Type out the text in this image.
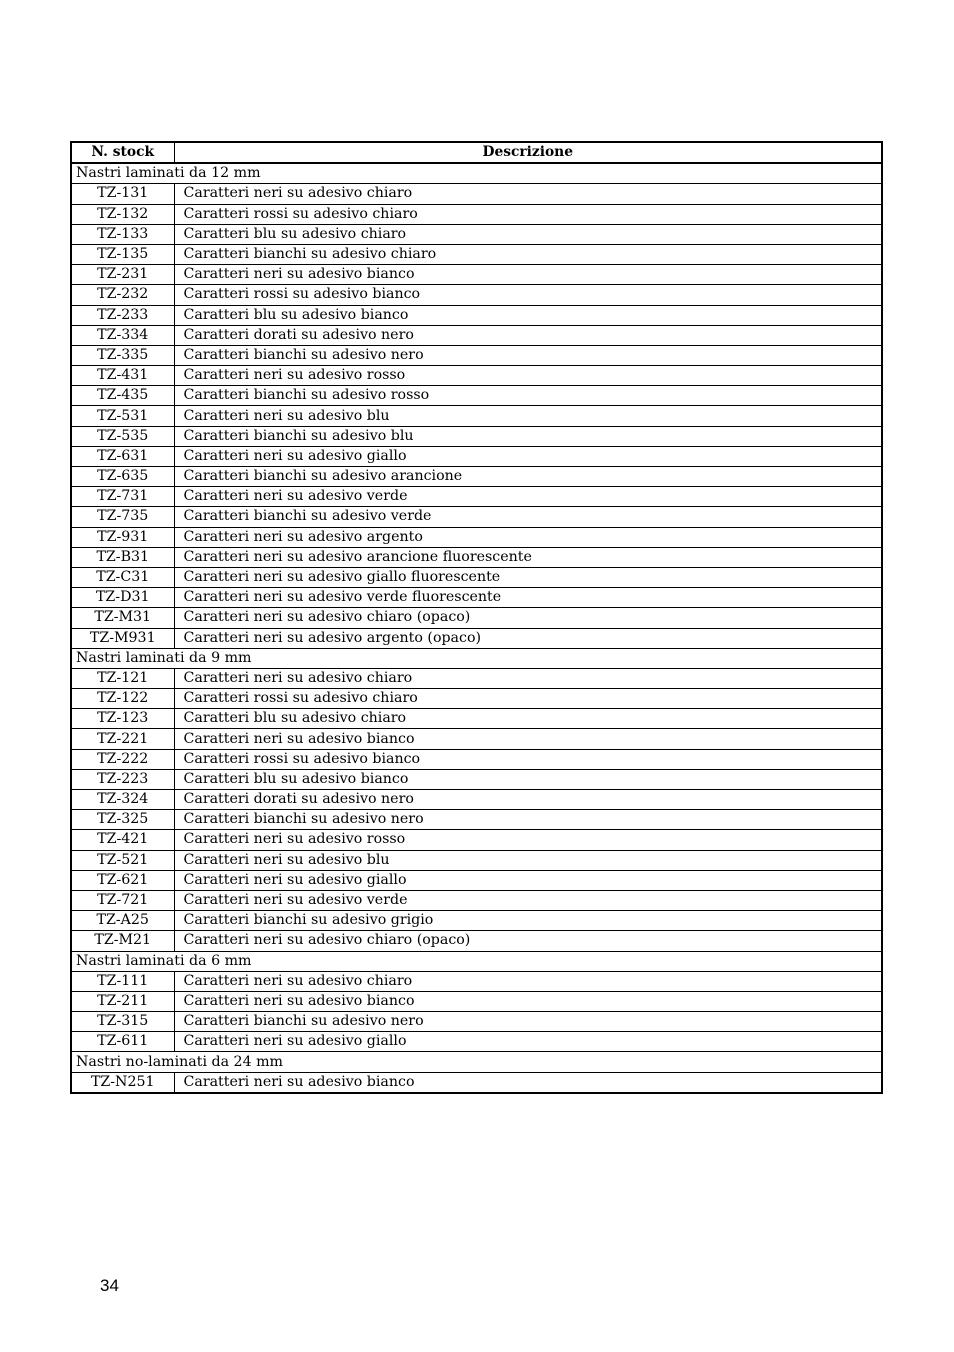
N. stock	Descrizione
Nastri laminati da 12 mm	
TZ-131	Caratteri neri su adesivo chiaro
TZ-132	Caratteri rossi su adesivo chiaro
TZ-133	Caratteri blu su adesivo chiaro
TZ-135	Caratteri bianchi su adesivo chiaro
TZ-231	Caratteri neri su adesivo bianco
TZ-232	Caratteri rossi su adesivo bianco
TZ-233	Caratteri blu su adesivo bianco
TZ-334	Caratteri dorati su adesivo nero
TZ-335	Caratteri bianchi su adesivo nero
TZ-431	Caratteri neri su adesivo rosso
TZ-435	Caratteri bianchi su adesivo rosso
TZ-531	Caratteri neri su adesivo blu
TZ-535	Caratteri bianchi su adesivo blu
TZ-631	Caratteri neri su adesivo giallo
TZ-635	Caratteri bianchi su adesivo arancione
TZ-731	Caratteri neri su adesivo verde
TZ-735	Caratteri bianchi su adesivo verde
TZ-931	Caratteri neri su adesivo argento
TZ-B31	Caratteri neri su adesivo arancione fluorescente
TZ-C31	Caratteri neri su adesivo giallo fluorescente
TZ-D31	Caratteri neri su adesivo verde fluorescente
TZ-M31	Caratteri neri su adesivo chiaro (opaco)
TZ-M931	Caratteri neri su adesivo argento (opaco)
Nastri laminati da 9 mm	
TZ-121	Caratteri neri su adesivo chiaro
TZ-122	Caratteri rossi su adesivo chiaro
TZ-123	Caratteri blu su adesivo chiaro
TZ-221	Caratteri neri su adesivo bianco
TZ-222	Caratteri rossi su adesivo bianco
TZ-223	Caratteri blu su adesivo bianco
TZ-324	Caratteri dorati su adesivo nero
TZ-325	Caratteri bianchi su adesivo nero
TZ-421	Caratteri neri su adesivo rosso
TZ-521	Caratteri neri su adesivo blu
TZ-621	Caratteri neri su adesivo giallo
TZ-721	Caratteri neri su adesivo verde
TZ-A25	Caratteri bianchi su adesivo grigio
TZ-M21	Caratteri neri su adesivo chiaro (opaco)
Nastri laminati da 6 mm	
TZ-111	Caratteri neri su adesivo chiaro
TZ-211	Caratteri neri su adesivo bianco
TZ-315	Caratteri bianchi su adesivo nero
TZ-611	Caratteri neri su adesivo giallo
Nastri no-laminati da 24 mm	
TZ-N251	Caratteri neri su adesivo bianco
34
